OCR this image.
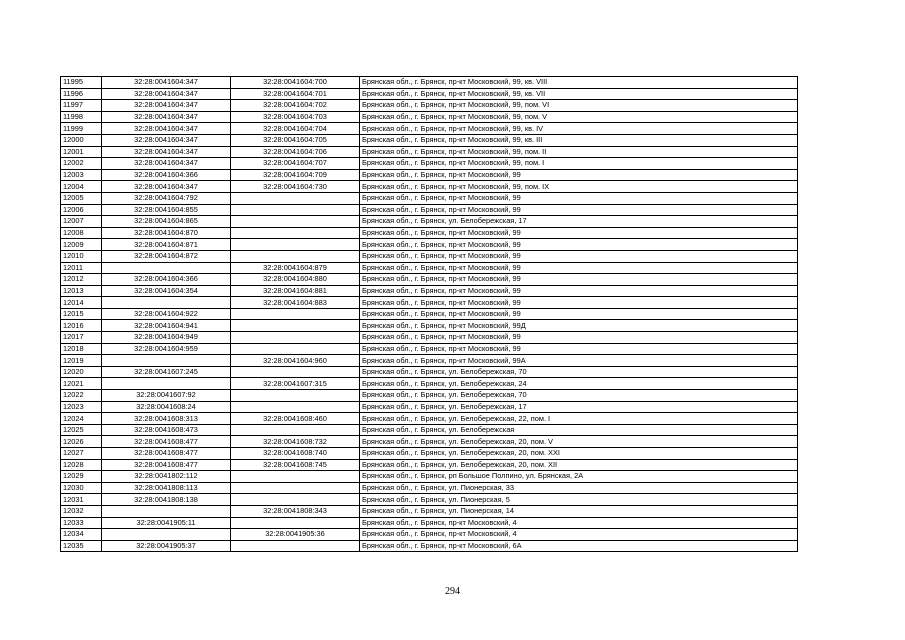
11995	32:28:0041604:347	32:28:0041604:700	Брянская обл., г. Брянск, пр-кт Московский, 99, кв. VIII
11996	32:28:0041604:347	32:28:0041604:701	Брянская обл., г. Брянск, пр-кт Московский, 99, кв. VII
11997	32:28:0041604:347	32:28:0041604:702	Брянская обл., г. Брянск, пр-кт Московский, 99, пом. VI
11998	32:28:0041604:347	32:28:0041604:703	Брянская обл., г. Брянск, пр-кт Московский, 99, пом. V
11999	32:28:0041604:347	32:28:0041604:704	Брянская обл., г. Брянск, пр-кт Московский, 99, кв. IV
12000	32:28:0041604:347	32:28:0041604:705	Брянская обл., г. Брянск, пр-кт Московский, 99, кв. III
12001	32:28:0041604:347	32:28:0041604:706	Брянская обл., г. Брянск, пр-кт Московский, 99, пом. II
12002	32:28:0041604:347	32:28:0041604:707	Брянская обл., г. Брянск, пр-кт Московский, 99, пом. I
12003	32:28:0041604:366	32:28:0041604:709	Брянская обл., г. Брянск, пр-кт Московский, 99
12004	32:28:0041604:347	32:28:0041604:730	Брянская обл., г. Брянск, пр-кт Московский, 99, пом. IX
12005	32:28:0041604:792		Брянская обл., г. Брянск, пр-кт Московский, 99
12006	32:28:0041604:855		Брянская обл., г. Брянск, пр-кт Московский, 99
12007	32:28:0041604:865		Брянская обл., г. Брянск, ул. Белобережская, 17
12008	32:28:0041604:870		Брянская обл., г. Брянск, пр-кт Московский, 99
12009	32:28:0041604:871		Брянская обл., г. Брянск, пр-кт Московский, 99
12010	32:28:0041604:872		Брянская обл., г. Брянск, пр-кт Московский, 99
12011		32:28:0041604:879	Брянская обл., г. Брянск, пр-кт Московский, 99
12012	32:28:0041604:366	32:28:0041604:880	Брянская обл., г. Брянск, пр-кт Московский, 99
12013	32:28:0041604:354	32:28:0041604:881	Брянская обл., г. Брянск, пр-кт Московский, 99
12014		32:28:0041604:883	Брянская обл., г. Брянск, пр-кт Московский, 99
12015	32:28:0041604:922		Брянская обл., г. Брянск, пр-кт Московский, 99
12016	32:28:0041604:941		Брянская обл., г. Брянск, пр-кт Московский, 99Д
12017	32:28:0041604:949		Брянская обл., г. Брянск, пр-кт Московский, 99
12018	32:28:0041604:959		Брянская обл., г. Брянск, пр-кт Московский, 99
12019		32:28:0041604:960	Брянская обл., г. Брянск, пр-кт Московский, 99А
12020	32:28:0041607:245		Брянская обл., г. Брянск, ул. Белобережская, 70
12021		32:28:0041607:315	Брянская обл., г. Брянск, ул. Белобережская, 24
12022	32:28:0041607:92		Брянская обл., г. Брянск, ул. Белобережская, 70
12023	32:28:0041608:24		Брянская обл., г. Брянск, ул. Белобережская, 17
12024	32:28:0041608:313	32:28:0041608:460	Брянская обл., г. Брянск, ул. Белобережская, 22, пом. I
12025	32:28:0041608:473		Брянская обл., г. Брянск, ул. Белобережская
12026	32:28:0041608:477	32:28:0041608:732	Брянская обл., г. Брянск, ул. Белобережская, 20, пом. V
12027	32:28:0041608:477	32:28:0041608:740	Брянская обл., г. Брянск, ул. Белобережская, 20, пом. XXI
12028	32:28:0041608:477	32:28:0041608:745	Брянская обл., г. Брянск, ул. Белобережская, 20, пом. XII
12029	32:28:0041802:112		Брянская обл., г. Брянск, рп Большое Полпино, ул. Брянская, 2А
12030	32:28:0041808:113		Брянская обл., г. Брянск, ул. Пионерская, 33
12031	32:28:0041808:138		Брянская обл., г. Брянск, ул. Пионерская, 5
12032		32:28:0041808:343	Брянская обл., г. Брянск, ул. Пионерская, 14
12033	32:28:0041905:11		Брянская обл., г. Брянск, пр-кт Московский, 4
12034		32:28:0041905:36	Брянская обл., г. Брянск, пр-кт Московский, 4
12035	32:28:0041905:37		Брянская обл., г. Брянск, пр-кт Московский, 6А
294
